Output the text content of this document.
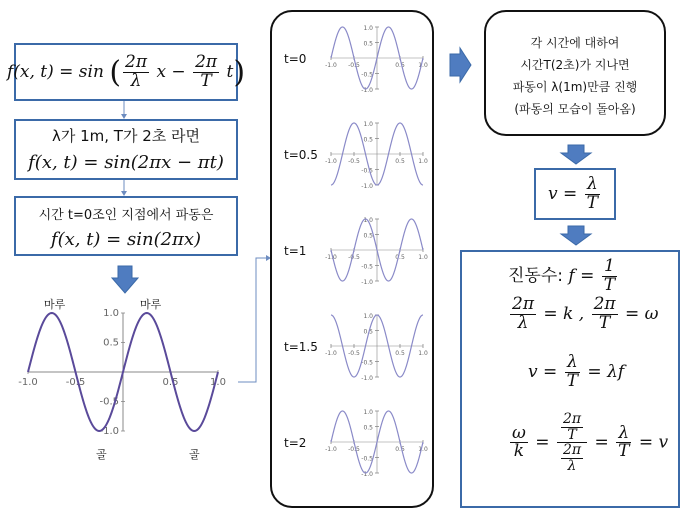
f(x, t) = sin ( $\frac{2\pi}{\lambda}$ $x - \frac{2\pi}{T} t$)
λ가 1m, T가 2초 라면
f(x, t) = sin(2πx − πt)
시간 t=0조인 지점에서 파동은
f(x, t) = sin(2πx)
-1.0	-0.5	0.5	1.0
1.0
0.5
-0.5
-1.0
마루	마루
골	골
t=0	-1.0 -0.5	0.5 1.0
1.0
0.5
-0.5
-1.0
t=0.5 -1.0 -0.5	0.5 1.0
1.0
0.5
-0.5
-1.0
t=1	-1.0 -0.5	0.5 1.0
1.0
0.5
-0.5
-1.0
t=1.5 -1.0 -0.5	0.5 1.0
1.0
0.5
-0.5
-1.0
t=2	-1.0 -0.5	0.5 1.0
1.0
0.5
-0.5
-1.0
각 시간에 대하여
시간T(2초)가 지나면
파동이 λ(1m)만큼 진행
(파동의 모습이 돌아옴)
$v = \frac{\lambda}{T}$
진동수: $f = \frac{1}{T}$
$\frac{2\pi}{\lambda} = k$ , $\frac{2\pi}{T} = \omega$
$v = \frac{\lambda}{T} = \lambda f$
$\frac{\omega}{k} = \frac{\frac{2\pi}{T}}{\frac{2\pi}{\lambda}} = \frac{\lambda}{T} = v$
